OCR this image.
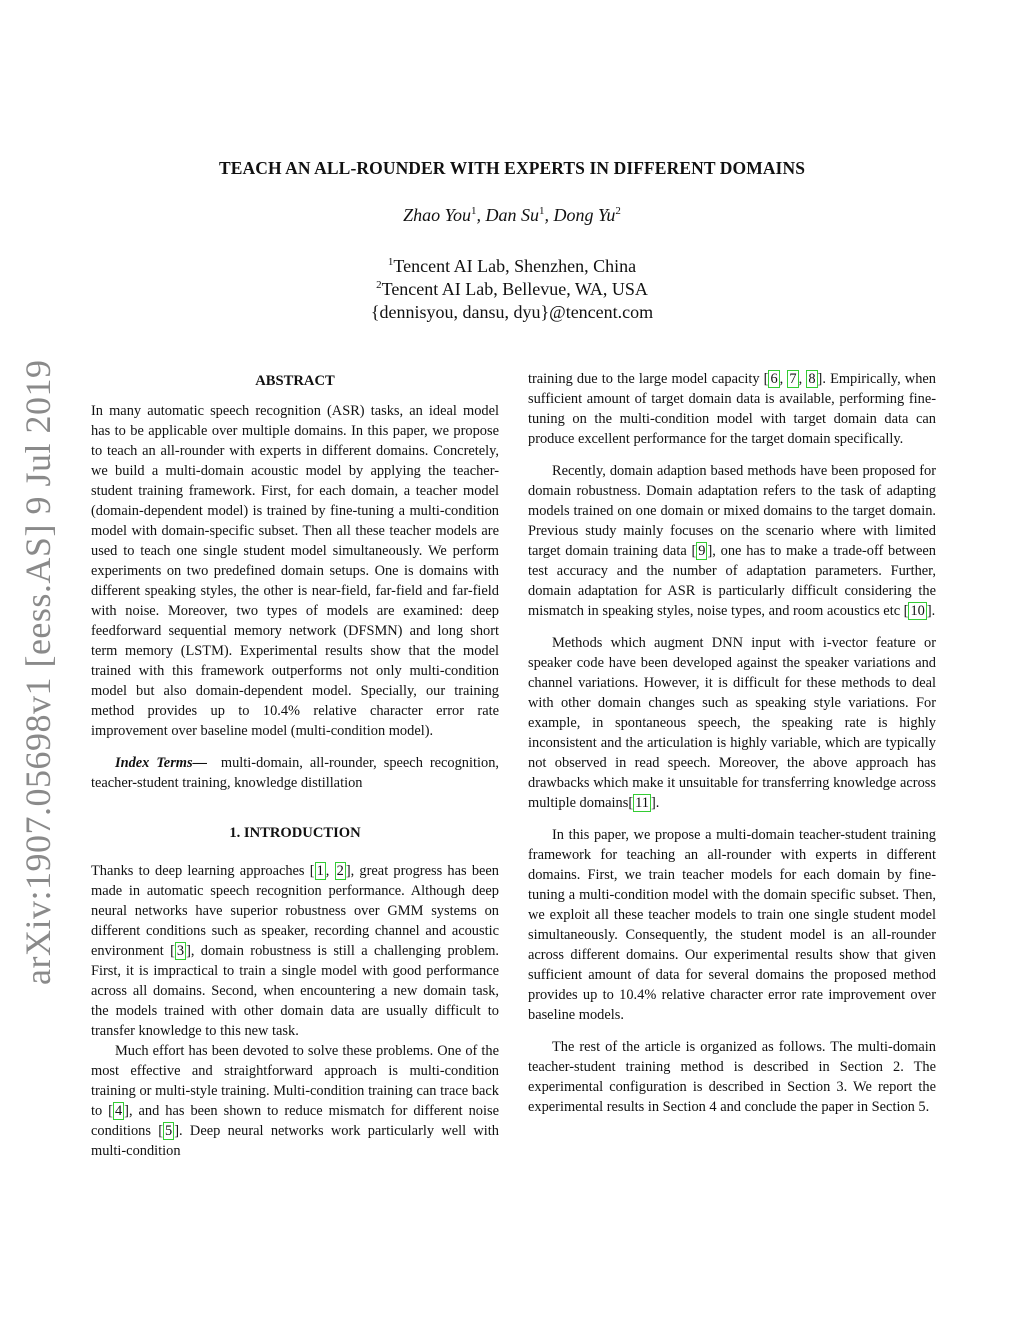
arXiv:1907.05698v1 [eess.AS] 9 Jul 2019
TEACH AN ALL-ROUNDER WITH EXPERTS IN DIFFERENT DOMAINS
Zhao You$^1$, Dan Su$^1$, Dong Yu$^2$
$^1$Tencent AI Lab, Shenzhen, China
$^2$Tencent AI Lab, Bellevue, WA, USA
{dennisyou, dansu, dyu}@tencent.com
ABSTRACT

In many automatic speech recognition (ASR) tasks, an ideal model has to be applicable over multiple domains. In this paper, we propose to teach an all-rounder with experts in different domains. Concretely, we build a multi-domain acoustic model by applying the teacher-student training framework. First, for each domain, a teacher model (domain-dependent model) is trained by fine-tuning a multi-condition model with domain-specific subset. Then all these teacher models are used to teach one single student model simultaneously. We perform experiments on two predefined domain setups. One is domains with different speaking styles, the other is near-field, far-field and far-field with noise. Moreover, two types of models are examined: deep feedforward sequential memory network (DFSMN) and long short term memory (LSTM). Experimental results show that the model trained with this framework outperforms not only multi-condition model but also domain-dependent model. Specially, our training method provides up to 10.4% relative character error rate improvement over baseline model (multi-condition model).

Index Terms— multi-domain, all-rounder, speech recognition, teacher-student training, knowledge distillation

1. INTRODUCTION

Thanks to deep learning approaches [ 1 , 2 ], great progress has been made in automatic speech recognition performance. Although deep neural networks have superior robustness over GMM systems on different conditions such as speaker, recording channel and acoustic environment [ 3 ], domain robustness is still a challenging problem. First, it is impractical to train a single model with good performance across all domains. Second, when encountering a new domain task, the models trained with other domain data are usually difficult to transfer knowledge to this new task.

Much effort has been devoted to solve these problems. One of the most effective and straightforward approach is multi-condition training or multi-style training. Multi-condition training can trace back to [ 4 ], and has been shown to reduce mismatch for different noise conditions [ 5 ]. Deep neural networks work particularly well with multi-condition

training due to the large model capacity [ 6 , 7 , 8 ]. Empirically, when sufficient amount of target domain data is available, performing fine-tuning on the multi-condition model with target domain data can produce excellent performance for the target domain specifically.

Recently, domain adaption based methods have been proposed for domain robustness. Domain adaptation refers to the task of adapting models trained on one domain or mixed domains to the target domain. Previous study mainly focuses on the scenario where with limited target domain training data [ 9 ], one has to make a trade-off between test accuracy and the number of adaptation parameters. Further, domain adaptation for ASR is particularly difficult considering the mismatch in speaking styles, noise types, and room acoustics etc [ 10 ].

Methods which augment DNN input with i-vector feature or speaker code have been developed against the speaker variations and channel variations. However, it is difficult for these methods to deal with other domain changes such as speaking style variations. For example, in spontaneous speech, the speaking rate is highly inconsistent and the articulation is highly variable, which are typically not observed in read speech. Moreover, the above approach has drawbacks which make it unsuitable for transferring knowledge across multiple domains[ 11 ].

In this paper, we propose a multi-domain teacher-student training framework for teaching an all-rounder with experts in different domains. First, we train teacher models for each domain by fine-tuning a multi-condition model with the domain specific subset. Then, we exploit all these teacher models to train one single student model simultaneously. Consequently, the student model is an all-rounder across different domains. Our experimental results show that given sufficient amount of data for several domains the proposed method provides up to 10.4% relative character error rate improvement over baseline models.

The rest of the article is organized as follows. The multi-domain teacher-student training method is described in Section 2. The experimental configuration is described in Section 3. We report the experimental results in Section 4 and conclude the paper in Section 5.
